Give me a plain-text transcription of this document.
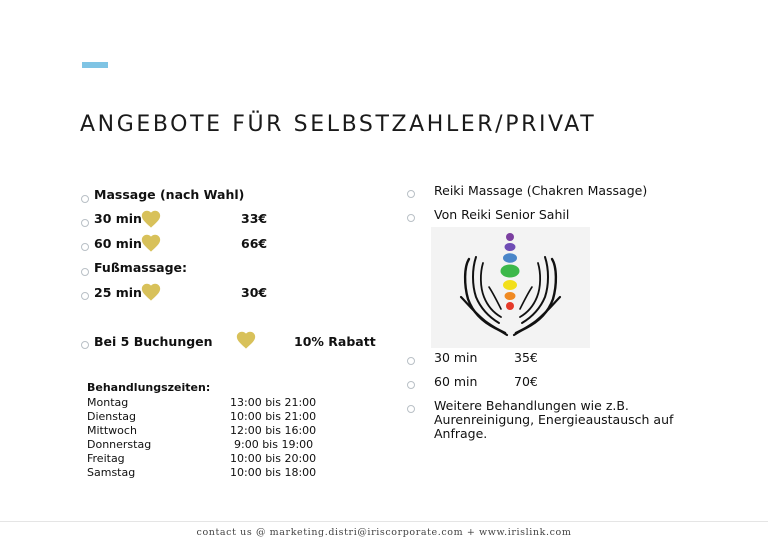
ANGEBOTE FÜR SELBSTZAHLER/PRIVAT
Massage (nach Wahl)
30 min	33€
60 min	66€
Fußmassage:
25 min	30€
Bei 5 Buchungen	10% Rabatt
Behandlungszeiten:
Montag	13:00 bis 21:00
Dienstag	10:00 bis 21:00
Mittwoch	12:00 bis 16:00
Donnerstag	9:00 bis 19:00
Freitag	10:00 bis 20:00
Samstag	10:00 bis 18:00
Reiki Massage (Chakren Massage)
Von Reiki Senior Sahil
30 min	35€
60 min	70€
Weitere Behandlungen wie z.B.
Aurenreinigung, Energieaustausch auf
Anfrage.
contact us @ marketing.distri@iriscorporate.com + www.irislink.com
